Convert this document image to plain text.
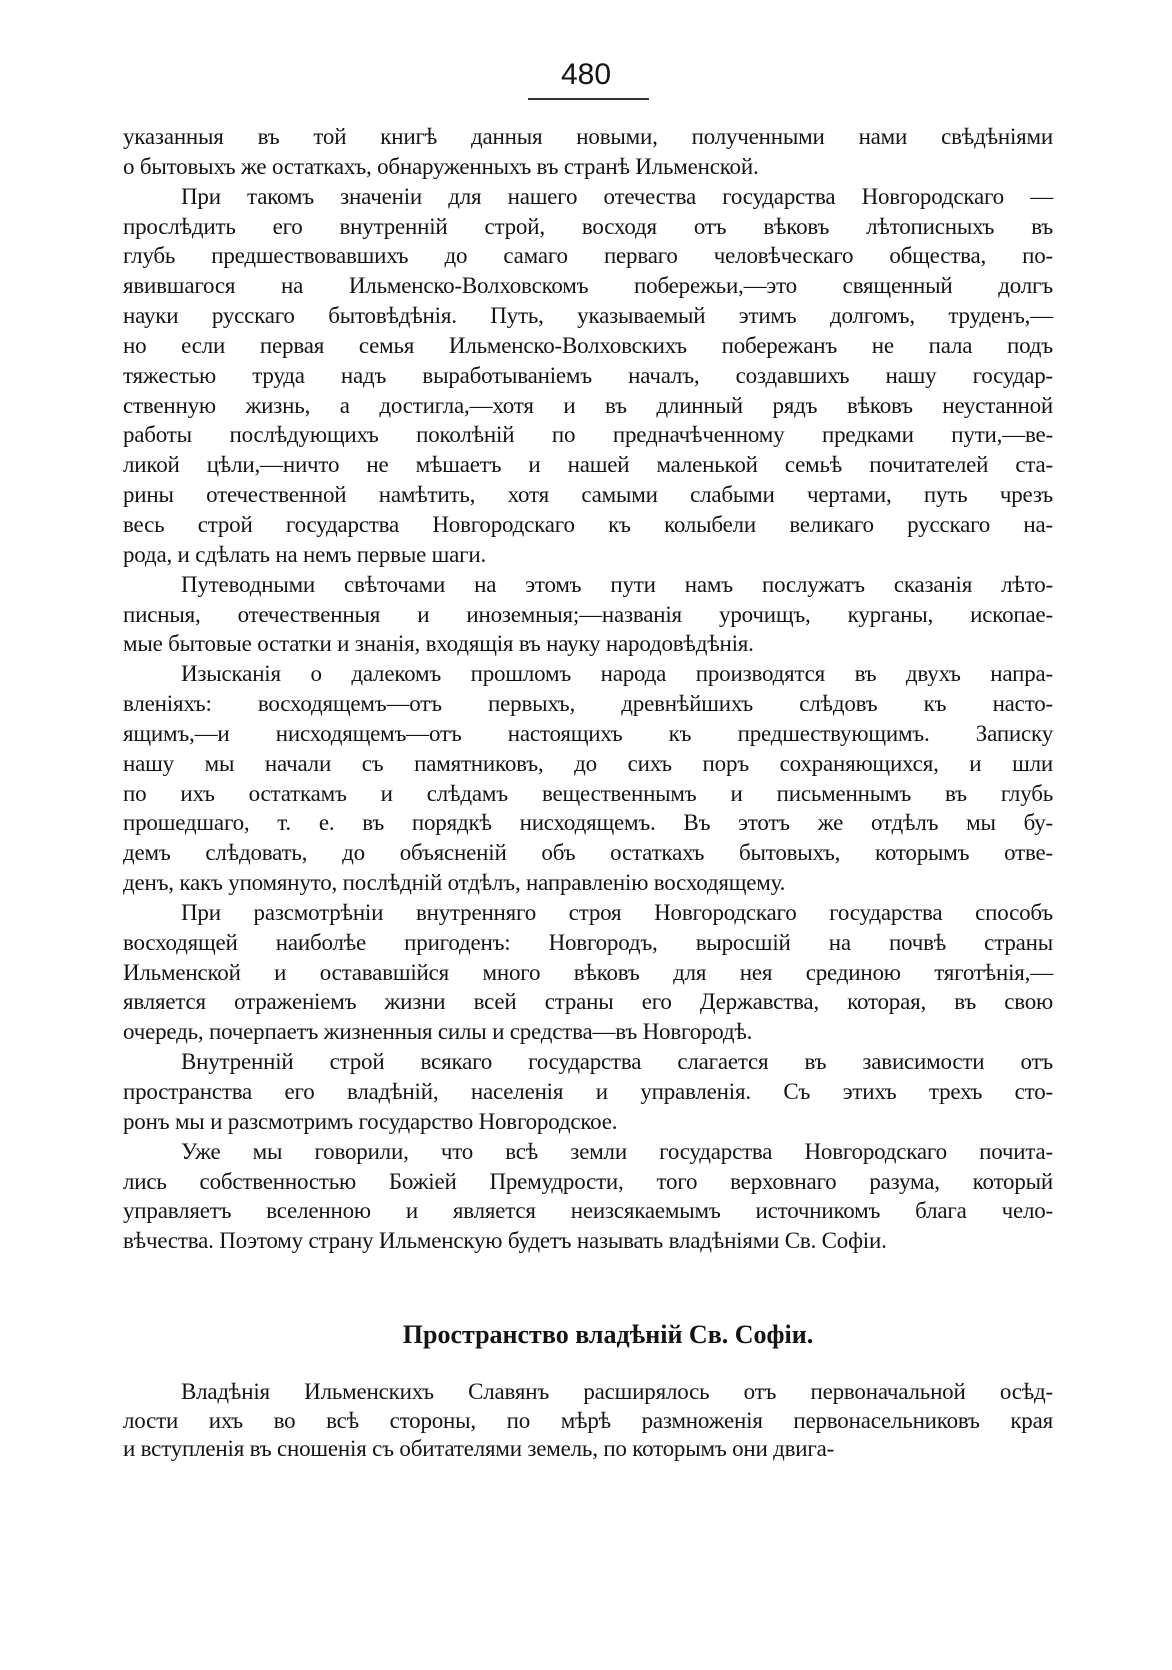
480
указанныя въ той книгѣ данныя новыми, полученными нами свѣдѣніями
о бытовыхъ же остаткахъ, обнаруженныхъ въ странѣ Ильменской.
При такомъ значеніи для нашего отечества государства Новгородскаго —
прослѣдить его внутренній строй, восходя отъ вѣковъ лѣтописныхъ въ
глубь предшествовавшихъ до самаго перваго человѣческаго общества, по-
явившагося на Ильменско-Волховскомъ побережьи,—это священный долгъ
науки русскаго бытовѣдѣнія. Путь, указываемый этимъ долгомъ, труденъ,—
но если первая семья Ильменско-Волховскихъ побережанъ не пала подъ
тяжестью труда надъ выработываніемъ началъ, создавшихъ нашу государ-
ственную жизнь, а достигла,—хотя и въ длинный рядъ вѣковъ неустанной
работы послѣдующихъ поколѣній по предначѣченному предками пути,—ве-
ликой цѣли,—ничто не мѣшаетъ и нашей маленькой семьѣ почитателей ста-
рины отечественной намѣтить, хотя самыми слабыми чертами, путь чрезъ
весь строй государства Новгородскаго къ колыбели великаго русскаго на-
рода, и сдѣлать на немъ первые шаги.
Путеводными свѣточами на этомъ пути намъ послужатъ сказанія лѣто-
писныя, отечественныя и иноземныя;—названія урочищъ, курганы, ископае-
мые бытовые остатки и знанія, входящія въ науку народовѣдѣнія.
Изысканія о далекомъ прошломъ народа производятся въ двухъ напра-
вленіяхъ: восходящемъ—отъ первыхъ, древнѣйшихъ слѣдовъ къ насто-
ящимъ,—и нисходящемъ—отъ настоящихъ къ предшествующимъ. Записку
нашу мы начали съ памятниковъ, до сихъ поръ сохраняющихся, и шли
по ихъ остаткамъ и слѣдамъ вещественнымъ и письменнымъ въ глубь
прошедшаго, т. е. въ порядкѣ нисходящемъ. Въ этотъ же отдѣлъ мы бу-
демъ слѣдовать, до объясненій объ остаткахъ бытовыхъ, которымъ отве-
денъ, какъ упомянуто, послѣдній отдѣлъ, направленію восходящему.
При разсмотрѣніи внутренняго строя Новгородскаго государства способъ
восходящей наиболѣе пригоденъ: Новгородъ, выросшій на почвѣ страны
Ильменской и остававшійся много вѣковъ для нея срединою тяготѣнія,—
является отраженіемъ жизни всей страны его Державства, которая, въ свою
очередь, почерпаетъ жизненныя силы и средства—въ Новгородѣ.
Внутренній строй всякаго государства слагается въ зависимости отъ
пространства его владѣній, населенія и управленія. Съ этихъ трехъ сто-
ронъ мы и разсмотримъ государство Новгородское.
Уже мы говорили, что всѣ земли государства Новгородскаго почита-
лись собственностью Божіей Премудрости, того верховнаго разума, который
управляетъ вселенною и является неизсякаемымъ источникомъ блага чело-
вѣчества. Поэтому страну Ильменскую будетъ называть владѣніями Св. Софіи.
Пространство владѣній Св. Софіи.
Владѣнія Ильменскихъ Славянъ расширялось отъ первоначальной осѣд-
лости ихъ во всѣ стороны, по мѣрѣ размноженія первонасельниковъ края
и вступленія въ сношенія съ обитателями земель, по которымъ они двига-
